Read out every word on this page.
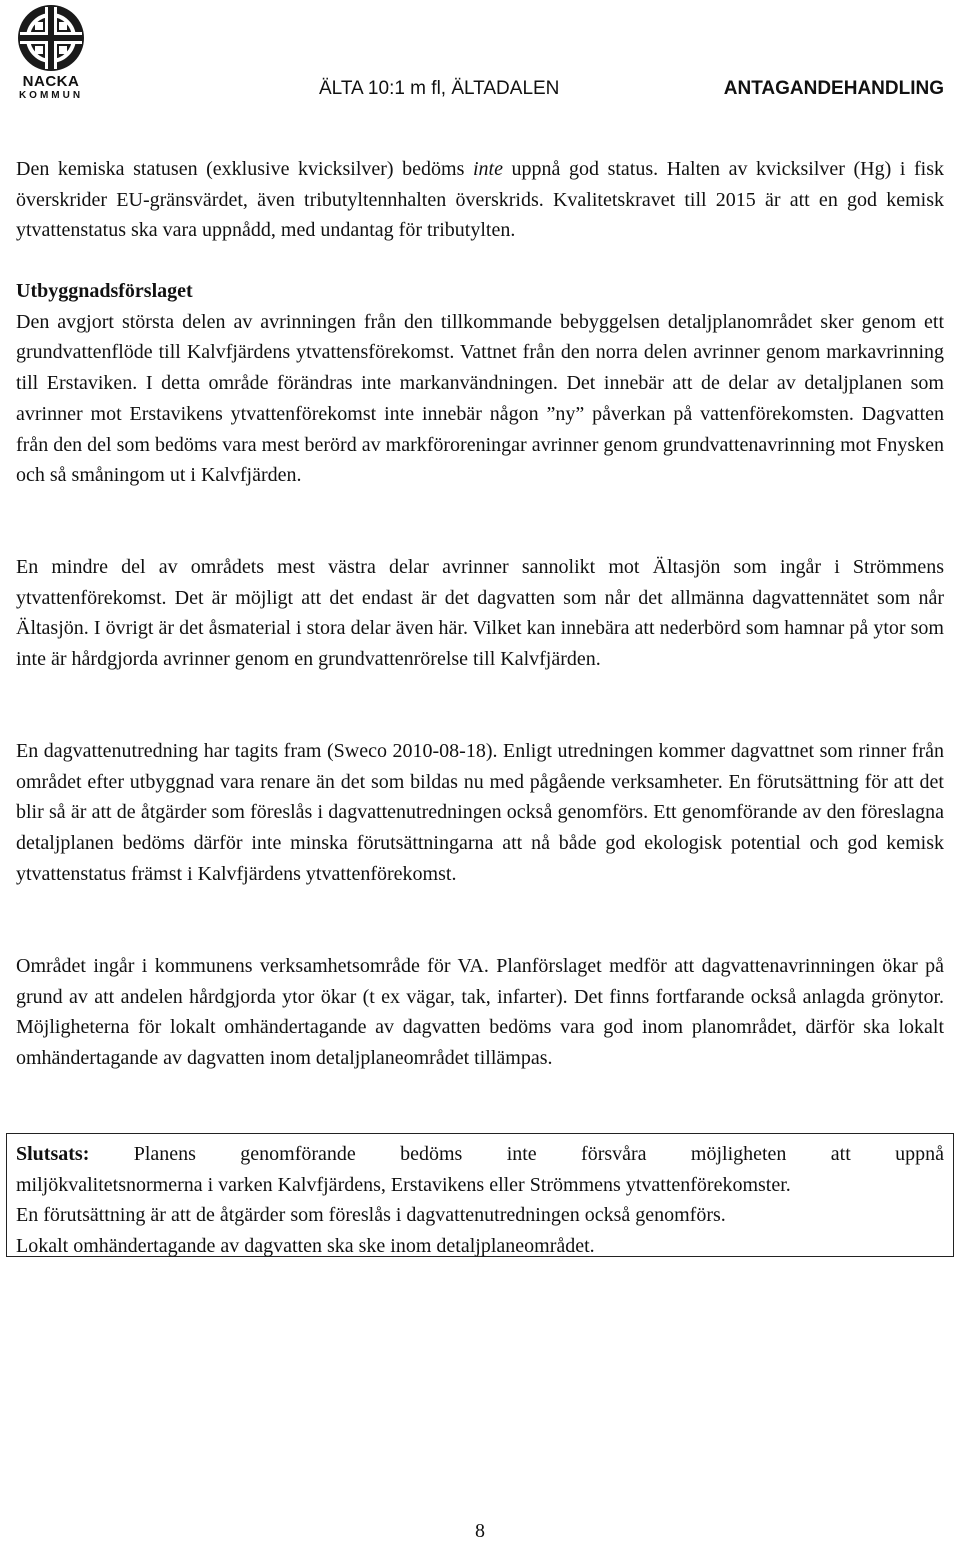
NACKA
KOMMUN	ÄLTA 10:1 m fl, ÄLTADALEN	ANTAGANDEHANDLING

Den kemiska statusen (exklusive kvicksilver) bedöms inte uppnå god status. Halten av kvicksilver (Hg) i fisk överskrider EU-gränsvärdet, även tributyltennhalten överskrids. Kvalitetskravet till 2015 är att en god kemisk ytvattenstatus ska vara uppnådd, med undantag för tributylten.

Utbyggnadsförslaget

Den avgjort största delen av avrinningen från den tillkommande bebyggelsen detaljplanområdet sker genom ett grundvattenflöde till Kalvfjärdens ytvattensförekomst. Vattnet från den norra delen avrinner genom markavrinning till Erstaviken. I detta område förändras inte markanvändningen. Det innebär att de delar av detaljplanen som avrinner mot Erstavikens ytvattenförekomst inte innebär någon ”ny” påverkan på vattenförekomsten. Dagvatten från den del som bedöms vara mest berörd av markföroreningar avrinner genom grundvattenavrinning mot Fnysken och så småningom ut i Kalvfjärden.

En mindre del av områdets mest västra delar avrinner sannolikt mot Ältasjön som ingår i Strömmens ytvattenförekomst. Det är möjligt att det endast är det dagvatten som når det allmänna dagvattennätet som når Ältasjön. I övrigt är det åsmaterial i stora delar även här. Vilket kan innebära att nederbörd som hamnar på ytor som inte är hårdgjorda avrinner genom en grundvattenrörelse till Kalvfjärden.

En dagvattenutredning har tagits fram (Sweco 2010-08-18). Enligt utredningen kommer dagvattnet som rinner från området efter utbyggnad vara renare än det som bildas nu med pågående verksamheter. En förutsättning för att det blir så är att de åtgärder som föreslås i dagvattenutredningen också genomförs. Ett genomförande av den föreslagna detaljplanen bedöms därför inte minska förutsättningarna att nå både god ekologisk potential och god kemisk ytvattenstatus främst i Kalvfjärdens ytvattenförekomst.

Området ingår i kommunens verksamhetsområde för VA. Planförslaget medför att dagvattenavrinningen ökar på grund av att andelen hårdgjorda ytor ökar (t ex vägar, tak, infarter). Det finns fortfarande också anlagda grönytor. Möjligheterna för lokalt omhändertagande av dagvatten bedöms vara god inom planområdet, därför ska lokalt omhändertagande av dagvatten inom detaljplaneområdet tillämpas.

Slutsats: Planens genomförande bedöms inte försvåra möjligheten att uppnå

miljökvalitetsnormerna i varken Kalvfjärdens, Erstavikens eller Strömmens ytvattenförekomster.

En förutsättning är att de åtgärder som föreslås i dagvattenutredningen också genomförs.

Lokalt omhändertagande av dagvatten ska ske inom detaljplaneområdet.

8
